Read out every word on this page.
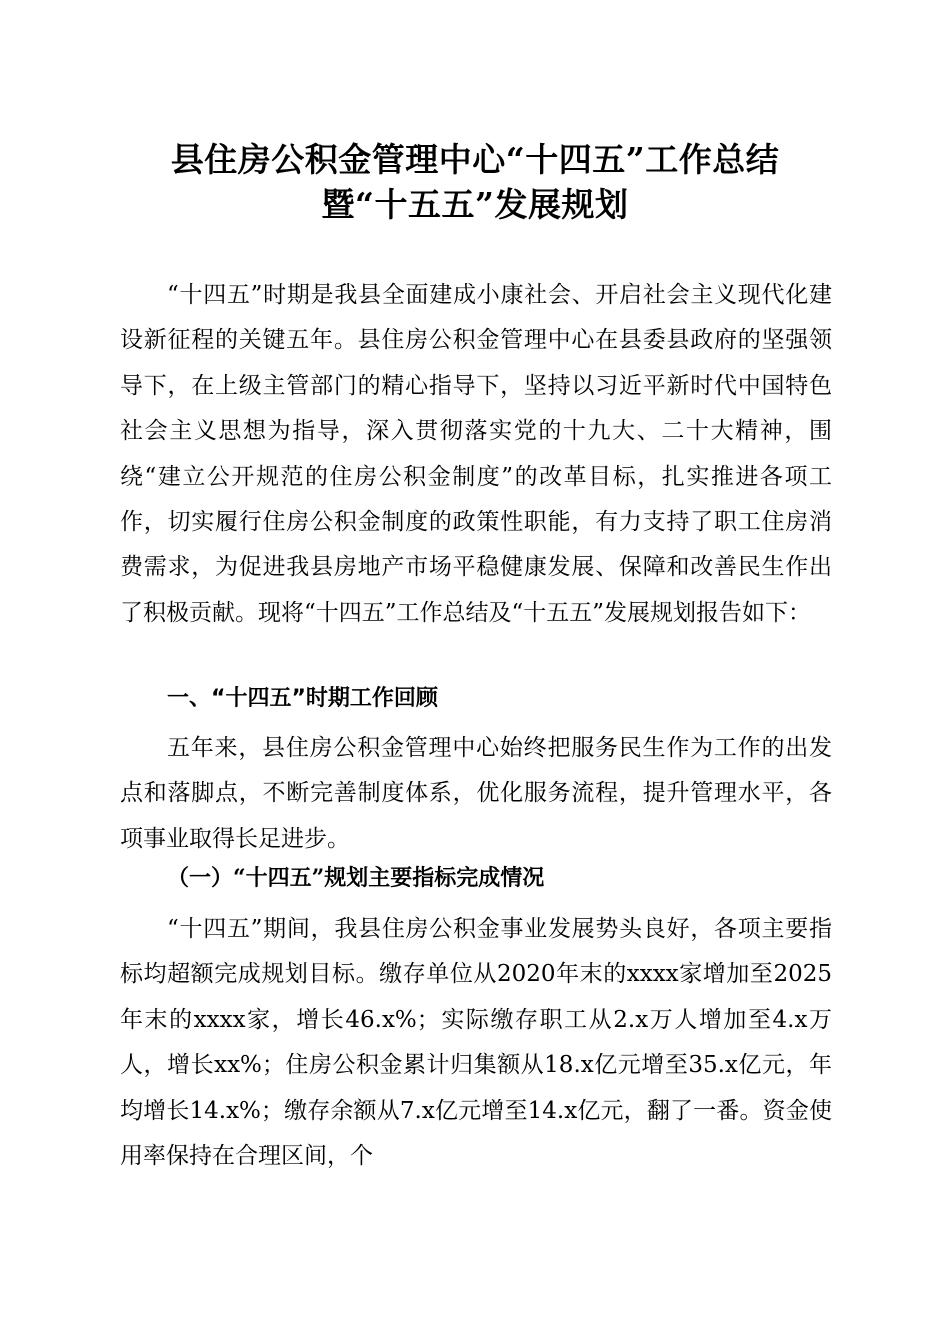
县住房公积金管理中心“十四五”工作总结
暨“十五五”发展规划

“十四五”时期是我县全面建成小康社会、开启社会主义现代化建设新征程的关键五年。县住房公积金管理中心在县委县政府的坚强领导下，在上级主管部门的精心指导下，坚持以习近平新时代中国特色社会主义思想为指导，深入贯彻落实党的十九大、二十大精神，围绕“建立公开规范的住房公积金制度”的改革目标，扎实推进各项工作，切实履行住房公积金制度的政策性职能，有力支持了职工住房消费需求，为促进我县房地产市场平稳健康发展、保障和改善民生作出了积极贡献。现将“十四五”工作总结及“十五五”发展规划报告如下：

一、“十四五”时期工作回顾

五年来，县住房公积金管理中心始终把服务民生作为工作的出发点和落脚点，不断完善制度体系，优化服务流程，提升管理水平，各项事业取得长足进步。

（一）“十四五”规划主要指标完成情况

“十四五”期间，我县住房公积金事业发展势头良好，各项主要指标均超额完成规划目标。缴存单位从2020年末的xxxx家增加至2025年末的xxxx家，增长46.x%；实际缴存职工从2.x万人增加至4.x万人，增长xx%；住房公积金累计归集额从18.x亿元增至35.x亿元，年均增长14.x%；缴存余额从7.x亿元增至14.x亿元，翻了一番。资金使用率保持在合理区间，个
